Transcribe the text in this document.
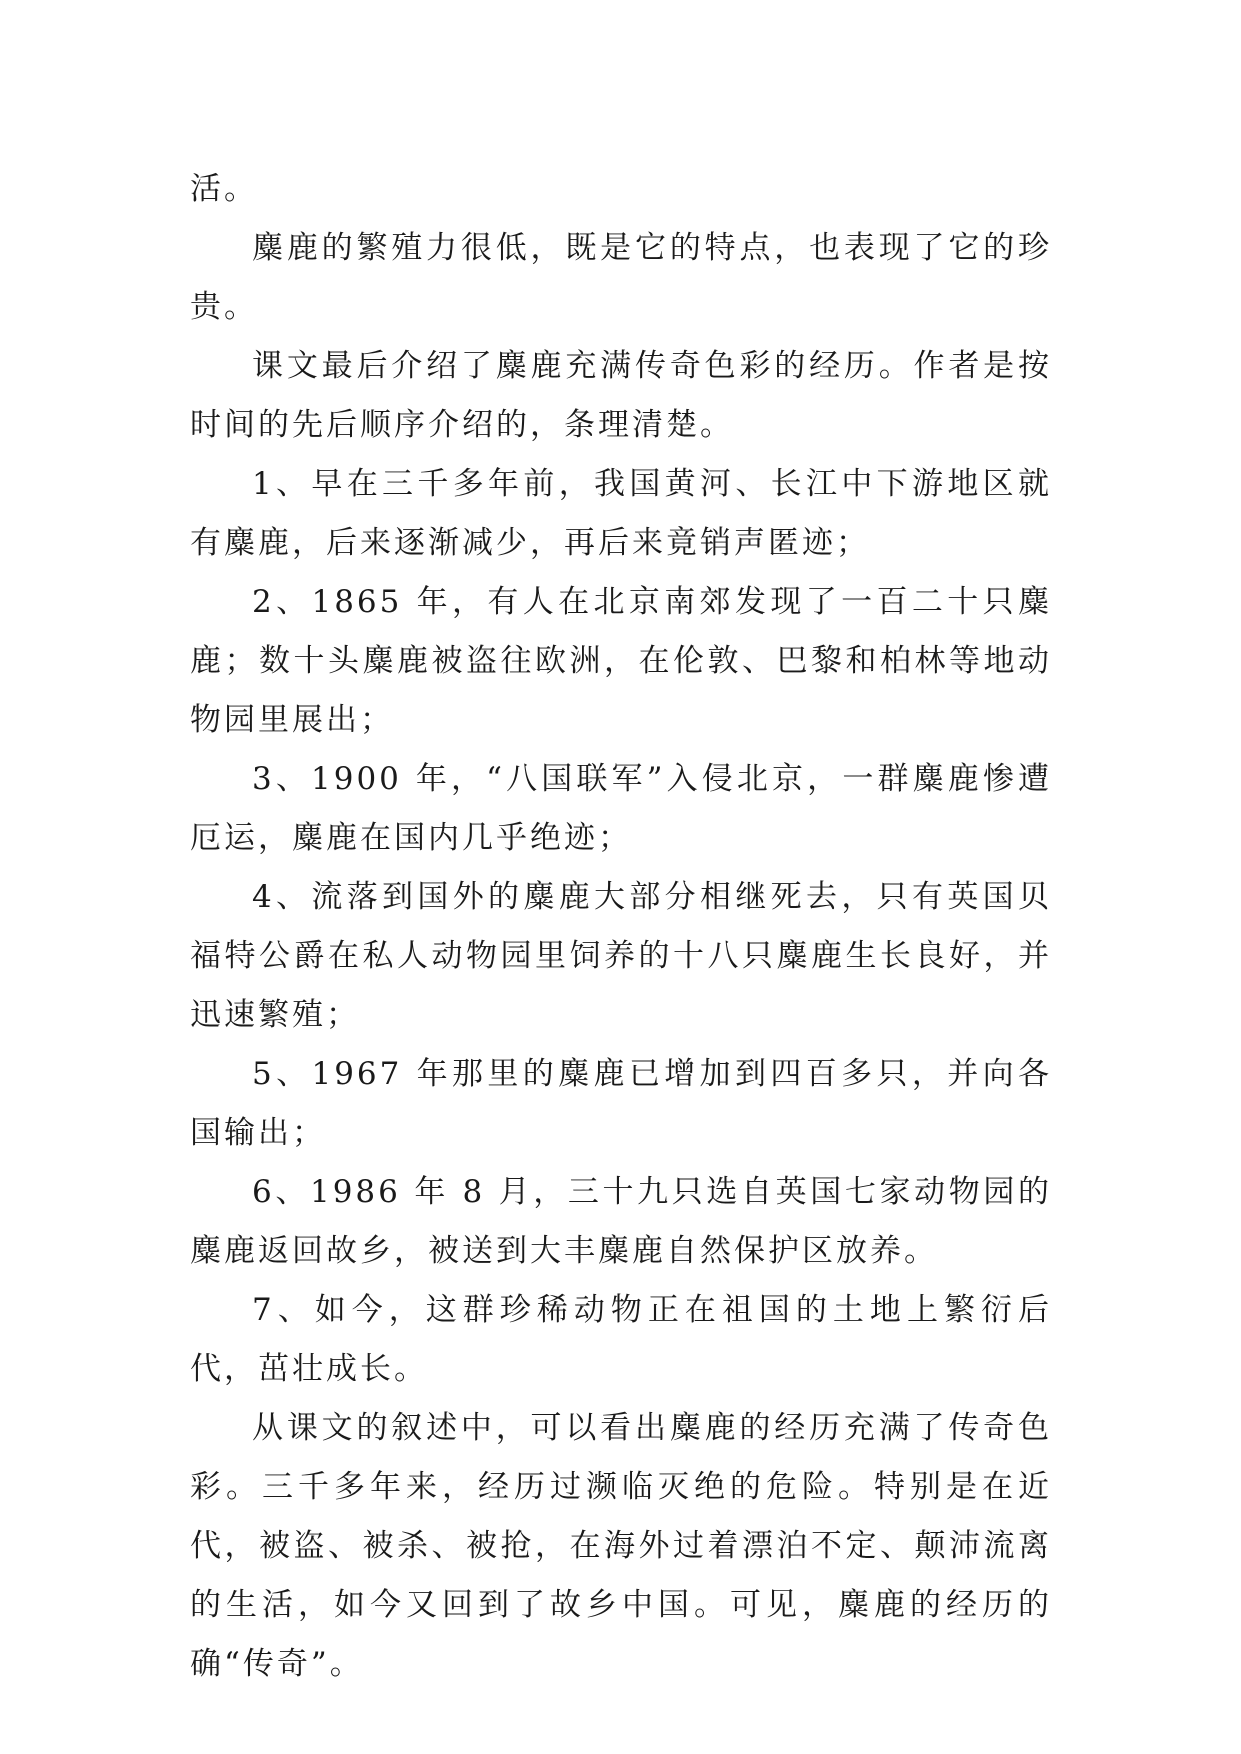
活。

麋鹿的繁殖力很低，既是它的特点，也表现了它的珍贵。

课文最后介绍了麋鹿充满传奇色彩的经历。作者是按时间的先后顺序介绍的，条理清楚。

1、早在三千多年前，我国黄河、长江中下游地区就有麋鹿，后来逐渐减少，再后来竟销声匿迹；

2、1865 年，有人在北京南郊发现了一百二十只麋鹿；数十头麋鹿被盗往欧洲，在伦敦、巴黎和柏林等地动物园里展出；

3、1900 年，“八国联军”入侵北京，一群麋鹿惨遭厄运，麋鹿在国内几乎绝迹；

4、流落到国外的麋鹿大部分相继死去，只有英国贝福特公爵在私人动物园里饲养的十八只麋鹿生长良好，并迅速繁殖；

5、1967 年那里的麋鹿已增加到四百多只，并向各国输出；

6、1986 年 8 月，三十九只选自英国七家动物园的麋鹿返回故乡，被送到大丰麋鹿自然保护区放养。

7、如今，这群珍稀动物正在祖国的土地上繁衍后代，茁壮成长。

从课文的叙述中，可以看出麋鹿的经历充满了传奇色彩。三千多年来，经历过濒临灭绝的危险。特别是在近代，被盗、被杀、被抢，在海外过着漂泊不定、颠沛流离的生活，如今又回到了故乡中国。可见，麋鹿的经历的确“传奇”。
